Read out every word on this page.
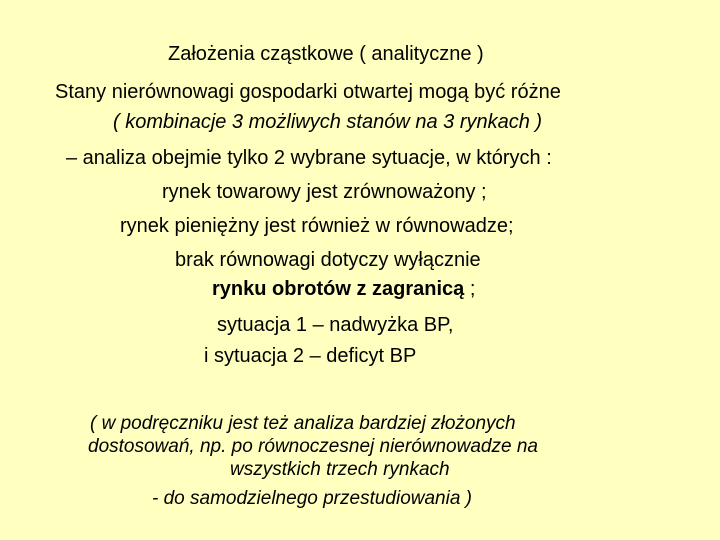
Założenia cząstkowe ( analityczne )
Stany nierównowagi gospodarki otwartej mogą być różne
( kombinacje 3 możliwych stanów na 3 rynkach )
– analiza obejmie tylko 2 wybrane sytuacje, w których :
rynek towarowy jest zrównoważony ;
rynek pieniężny jest również w równowadze;
brak równowagi dotyczy wyłącznie
rynku obrotów z zagranicą ;
sytuacja 1 – nadwyżka BP,
i sytuacja 2 – deficyt BP
( w podręczniku jest też analiza bardziej złożonych
dostosowań, np. po równoczesnej nierównowadze na
wszystkich trzech rynkach
- do samodzielnego przestudiowania )
